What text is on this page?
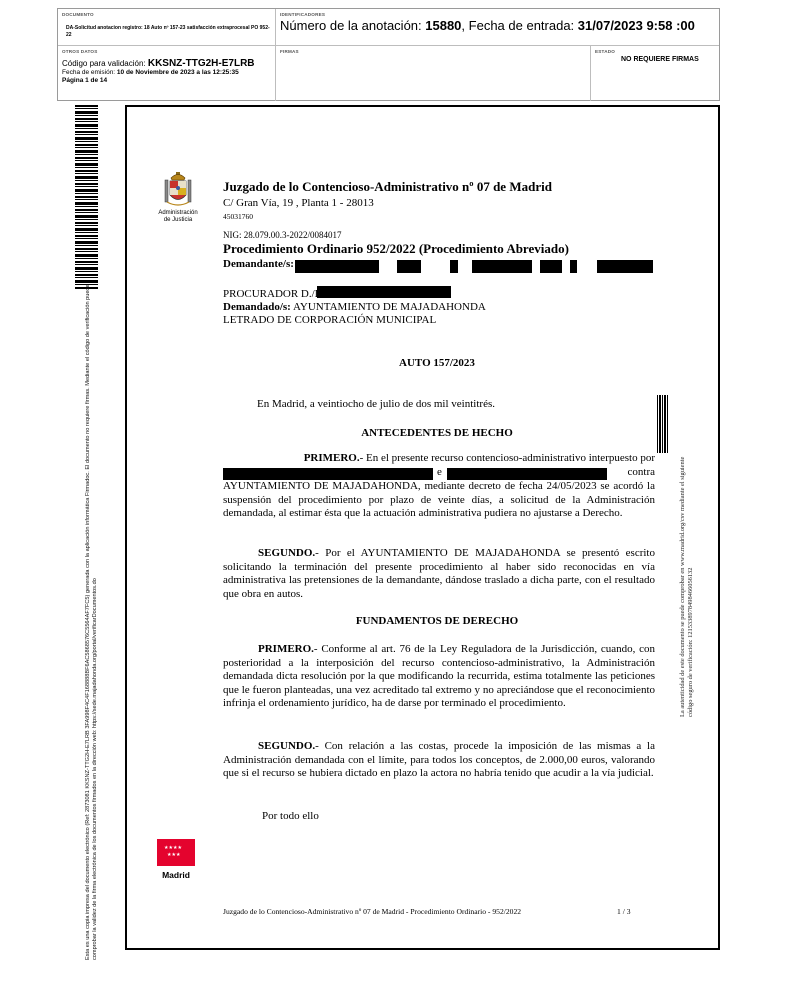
DOCUMENTO
DA-Solicitud anotacion registro: 18 Auto nº 157-23 satisfacción extraprocesal PO 952-22
IDENTIFICADORES
Número de la anotación: 15880, Fecha de entrada: 31/07/2023 9:58 :00
OTROS DATOS
Código para validación: KKSNZ-TTG2H-E7LRB
Fecha de emisión: 10 de Noviembre de 2023 a las 12:25:35
Página 1 de 14
FIRMAS	ESTADO
NO REQUIERE FIRMAS
Esta es una copia impresa del documento electrónico (Ref: 2873081 KKSNZ-TTG2H-E7LRB 3FA998F4C4F168888BF6AC5868576C5564AF7FC5) generada con la aplicación informática Firmadoc. El documento no requiere firmas. Mediante el código de verificación puede comprobar la validez de la firma electrónica de los documentos firmados en la dirección web: https://sede.majadahonda.org/portal/verificarDocumentos.do
Administración de Justicia
Juzgado de lo Contencioso-Administrativo nº 07 de Madrid
C/ Gran Vía, 19 , Planta 1 - 28013
45031760
NIG: 28.079.00.3-2022/0084017
Procedimiento Ordinario 952/2022 (Procedimiento Abreviado)
Demandante/s:
PROCURADOR D./Dña.
Demandado/s: AYUNTAMIENTO DE MAJADAHONDA
LETRADO DE CORPORACIÓN MUNICIPAL
AUTO 157/2023
En Madrid, a veintiocho de julio de dos mil veintitrés.
ANTECEDENTES DE HECHO
PRIMERO.- En el presente recurso contencioso-administrativo interpuesto por
e	contra
AYUNTAMIENTO DE MAJADAHONDA, mediante decreto de fecha 24/05/2023 se acordó la suspensión del procedimiento por plazo de veinte días, a solicitud de la Administración demandada, al estimar ésta que la actuación administrativa pudiera no ajustarse a Derecho.
SEGUNDO.- Por el AYUNTAMIENTO DE MAJADAHONDA se presentó escrito solicitando la terminación del presente procedimiento al haber sido reconocidas en vía administrativa las pretensiones de la demandante, dándose traslado a dicha parte, con el resultado que obra en autos.
FUNDAMENTOS DE DERECHO
PRIMERO.- Conforme al art. 76 de la Ley Reguladora de la Jurisdicción, cuando, con posterioridad a la interposición del recurso contencioso-administrativo, la Administración demandada dicta resolución por la que modificando la recurrida, estima totalmente las peticiones que le fueron planteadas, una vez acreditado tal extremo y no apreciándose que el reconocimiento infrinja el ordenamiento jurídico, ha de darse por terminado el procedimiento.
SEGUNDO.- Con relación a las costas, procede la imposición de las mismas a la Administración demandada con el límite, para todos los conceptos, de 2.000,00 euros, valorando que si el recurso se hubiera dictado en plazo la actora no habría tenido que acudir a la vía judicial.
Por todo ello
La autenticidad de este documento se puede comprobar en www.madrid.org/csv mediante el siguiente código seguro de verificación: 1215338978498466056132
★★★★
★★★
Madrid
Juzgado de lo Contencioso-Administrativo nº 07 de Madrid - Procedimiento Ordinario - 952/2022	1 / 3
